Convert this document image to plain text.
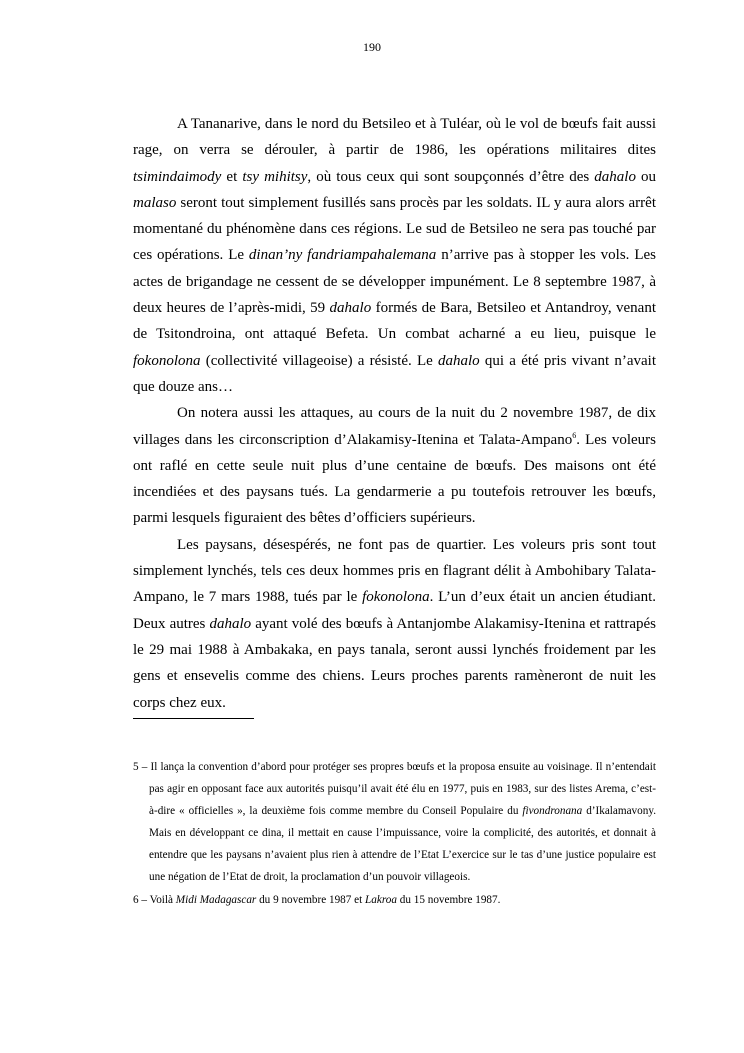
190

A Tananarive, dans le nord du Betsileo et à Tuléar, où le vol de bœufs fait aussi rage, on verra se dérouler, à partir de 1986, les opérations militaires dites tsimindaimody et tsy mihitsy, où tous ceux qui sont soupçonnés d’être des dahalo ou malaso seront tout simplement fusillés sans procès par les soldats. IL y aura alors arrêt momentané du phénomène dans ces régions. Le sud de Betsileo ne sera pas touché par ces opérations. Le dinan’ny fandriampahalemana n’arrive pas à stopper les vols. Les actes de brigandage ne cessent de se développer impunément. Le 8 septembre 1987, à deux heures de l’après-midi, 59 dahalo formés de Bara, Betsileo et Antandroy, venant de Tsitondroina, ont attaqué Befeta. Un combat acharné a eu lieu, puisque le fokonolona (collectivité villageoise) a résisté. Le dahalo qui a été pris vivant n’avait que douze ans…

On notera aussi les attaques, au cours de la nuit du 2 novembre 1987, de dix villages dans les circonscription d’Alakamisy-Itenina et Talata-Ampano$^6$. Les voleurs ont raflé en cette seule nuit plus d’une centaine de bœufs. Des maisons ont été incendiées et des paysans tués. La gendarmerie a pu toutefois retrouver les bœufs, parmi lesquels figuraient des bêtes d’officiers supérieurs.

Les paysans, désespérés, ne font pas de quartier. Les voleurs pris sont tout simplement lynchés, tels ces deux hommes pris en flagrant délit à Ambohibary Talata-Ampano, le 7 mars 1988, tués par le fokonolona. L’un d’eux était un ancien étudiant. Deux autres dahalo ayant volé des bœufs à Antanjombe Alakamisy-Itenina et rattrapés le 29 mai 1988 à Ambakaka, en pays tanala, seront aussi lynchés froidement par les gens et ensevelis comme des chiens. Leurs proches parents ramèneront de nuit les corps chez eux.

5 – Il lança la convention d’abord pour protéger ses propres bœufs et la proposa ensuite au voisinage. Il n’entendait pas agir en opposant face aux autorités puisqu’il avait été élu en 1977, puis en 1983, sur des listes Arema, c’est-à-dire « officielles », la deuxième fois comme membre du Conseil Populaire du fivondronana d’Ikalamavony. Mais en développant ce dina, il mettait en cause l’impuissance, voire la complicité, des autorités, et donnait à entendre que les paysans n’avaient plus rien à attendre de l’Etat L’exercice sur le tas d’une justice populaire est une négation de l’Etat de droit, la proclamation d’un pouvoir villageois.

6 – Voilà Midi Madagascar du 9 novembre 1987 et Lakroa du 15 novembre 1987.
